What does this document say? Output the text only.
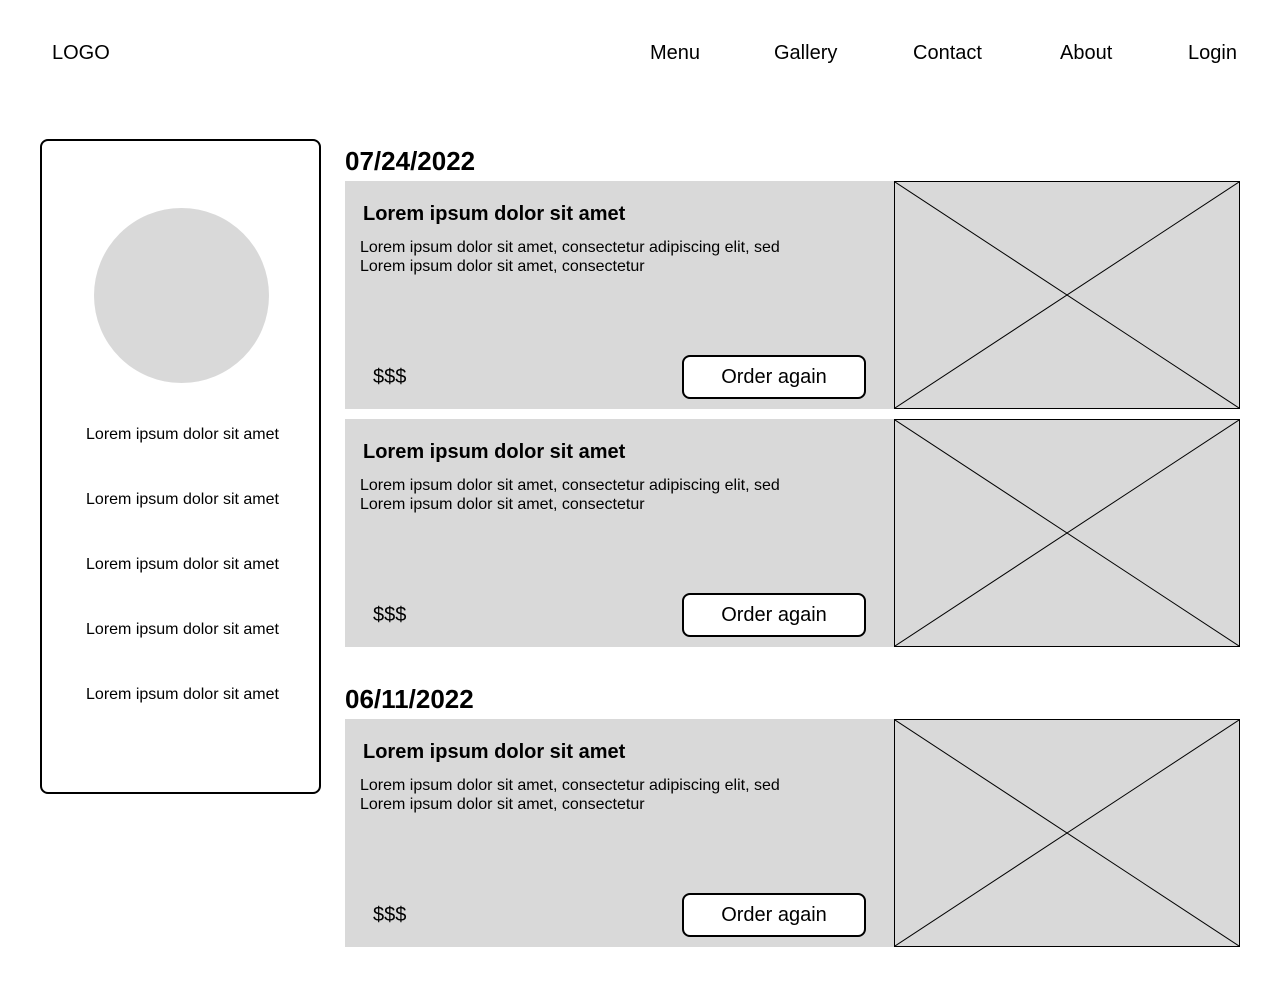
LOGO	Menu	Gallery	Contact	About	Login
Lorem ipsum dolor sit amet
Lorem ipsum dolor sit amet
Lorem ipsum dolor sit amet
Lorem ipsum dolor sit amet
Lorem ipsum dolor sit amet
07/24/2022
Lorem ipsum dolor sit amet
Lorem ipsum dolor sit amet, consectetur adipiscing elit, sed
Lorem ipsum dolor sit amet, consectetur
$$$	Order again
Lorem ipsum dolor sit amet
Lorem ipsum dolor sit amet, consectetur adipiscing elit, sed
Lorem ipsum dolor sit amet, consectetur
$$$	Order again
06/11/2022
Lorem ipsum dolor sit amet
Lorem ipsum dolor sit amet, consectetur adipiscing elit, sed
Lorem ipsum dolor sit amet, consectetur
$$$	Order again
